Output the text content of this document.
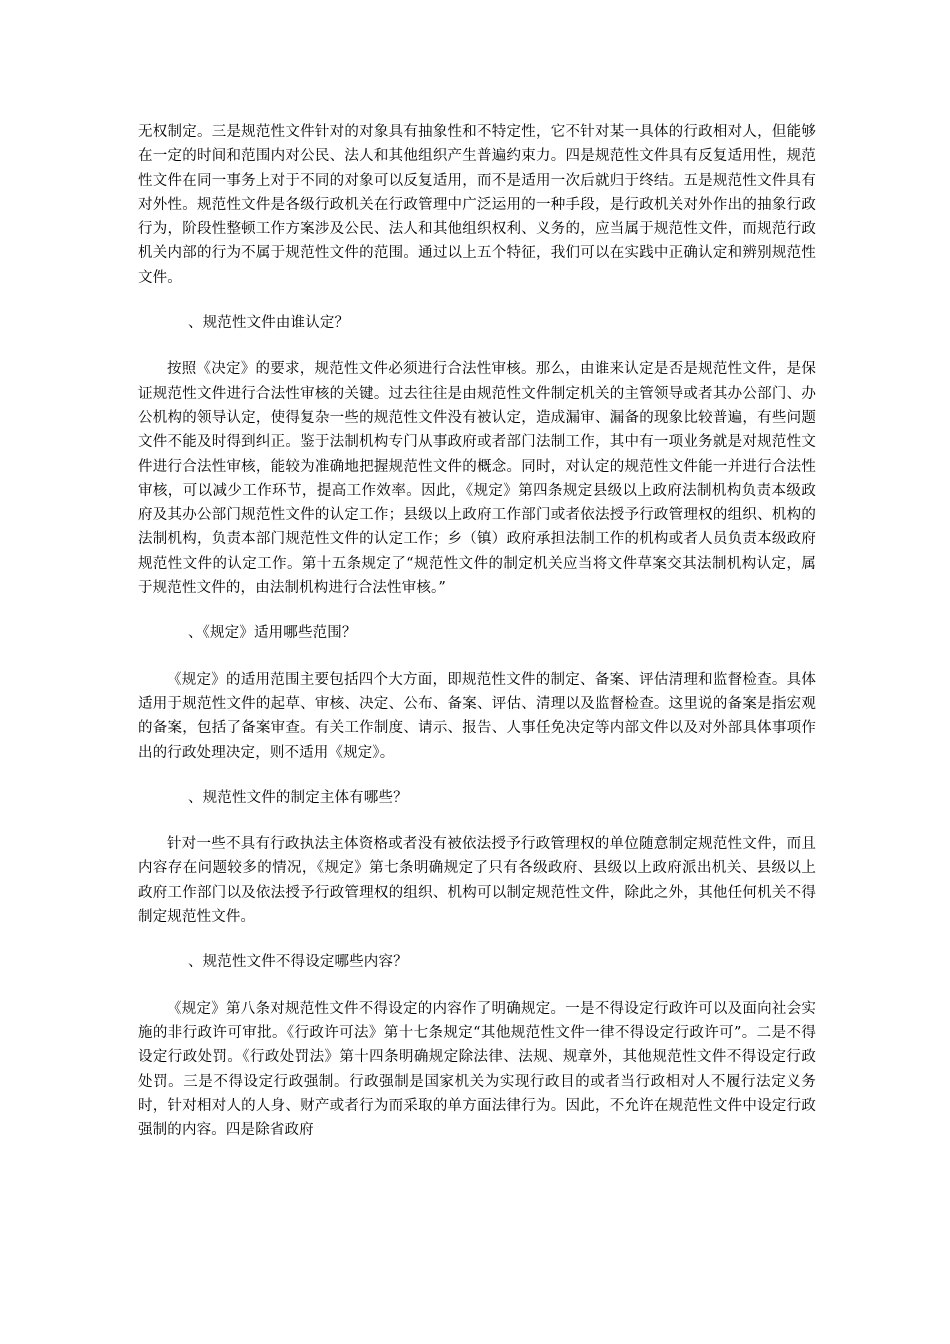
无权制定。三是规范性文件针对的对象具有抽象性和不特定性，它不针对某一具体的行政相对人，但能够在一定的时间和范围内对公民、法人和其他组织产生普遍约束力。四是规范性文件具有反复适用性，规范性文件在同一事务上对于不同的对象可以反复适用，而不是适用一次后就归于终结。五是规范性文件具有对外性。规范性文件是各级行政机关在行政管理中广泛运用的一种手段，是行政机关对外作出的抽象行政行为，阶段性整顿工作方案涉及公民、法人和其他组织权利、义务的，应当属于规范性文件，而规范行政机关内部的行为不属于规范性文件的范围。通过以上五个特征，我们可以在实践中正确认定和辨别规范性文件。

、规范性文件由谁认定？

按照《决定》的要求，规范性文件必须进行合法性审核。那么，由谁来认定是否是规范性文件，是保证规范性文件进行合法性审核的关键。过去往往是由规范性文件制定机关的主管领导或者其办公部门、办公机构的领导认定，使得复杂一些的规范性文件没有被认定，造成漏审、漏备的现象比较普遍，有些问题文件不能及时得到纠正。鉴于法制机构专门从事政府或者部门法制工作，其中有一项业务就是对规范性文件进行合法性审核，能较为准确地把握规范性文件的概念。同时，对认定的规范性文件能一并进行合法性审核，可以减少工作环节，提高工作效率。因此，《规定》第四条规定县级以上政府法制机构负责本级政府及其办公部门规范性文件的认定工作；县级以上政府工作部门或者依法授予行政管理权的组织、机构的法制机构，负责本部门规范性文件的认定工作；乡（镇）政府承担法制工作的机构或者人员负责本级政府规范性文件的认定工作。第十五条规定了“规范性文件的制定机关应当将文件草案交其法制机构认定，属于规范性文件的，由法制机构进行合法性审核。”

、《规定》适用哪些范围？

《规定》的适用范围主要包括四个大方面，即规范性文件的制定、备案、评估清理和监督检查。具体适用于规范性文件的起草、审核、决定、公布、备案、评估、清理以及监督检查。这里说的备案是指宏观的备案，包括了备案审查。有关工作制度、请示、报告、人事任免决定等内部文件以及对外部具体事项作出的行政处理决定，则不适用《规定》。

、规范性文件的制定主体有哪些？

针对一些不具有行政执法主体资格或者没有被依法授予行政管理权的单位随意制定规范性文件，而且内容存在问题较多的情况，《规定》第七条明确规定了只有各级政府、县级以上政府派出机关、县级以上政府工作部门以及依法授予行政管理权的组织、机构可以制定规范性文件，除此之外，其他任何机关不得制定规范性文件。

、规范性文件不得设定哪些内容？

《规定》第八条对规范性文件不得设定的内容作了明确规定。一是不得设定行政许可以及面向社会实施的非行政许可审批。《行政许可法》第十七条规定“其他规范性文件一律不得设定行政许可”。二是不得设定行政处罚。《行政处罚法》第十四条明确规定除法律、法规、规章外，其他规范性文件不得设定行政处罚。三是不得设定行政强制。行政强制是国家机关为实现行政目的或者当行政相对人不履行法定义务时，针对相对人的人身、财产或者行为而采取的单方面法律行为。因此，不允许在规范性文件中设定行政强制的内容。四是除省政府
